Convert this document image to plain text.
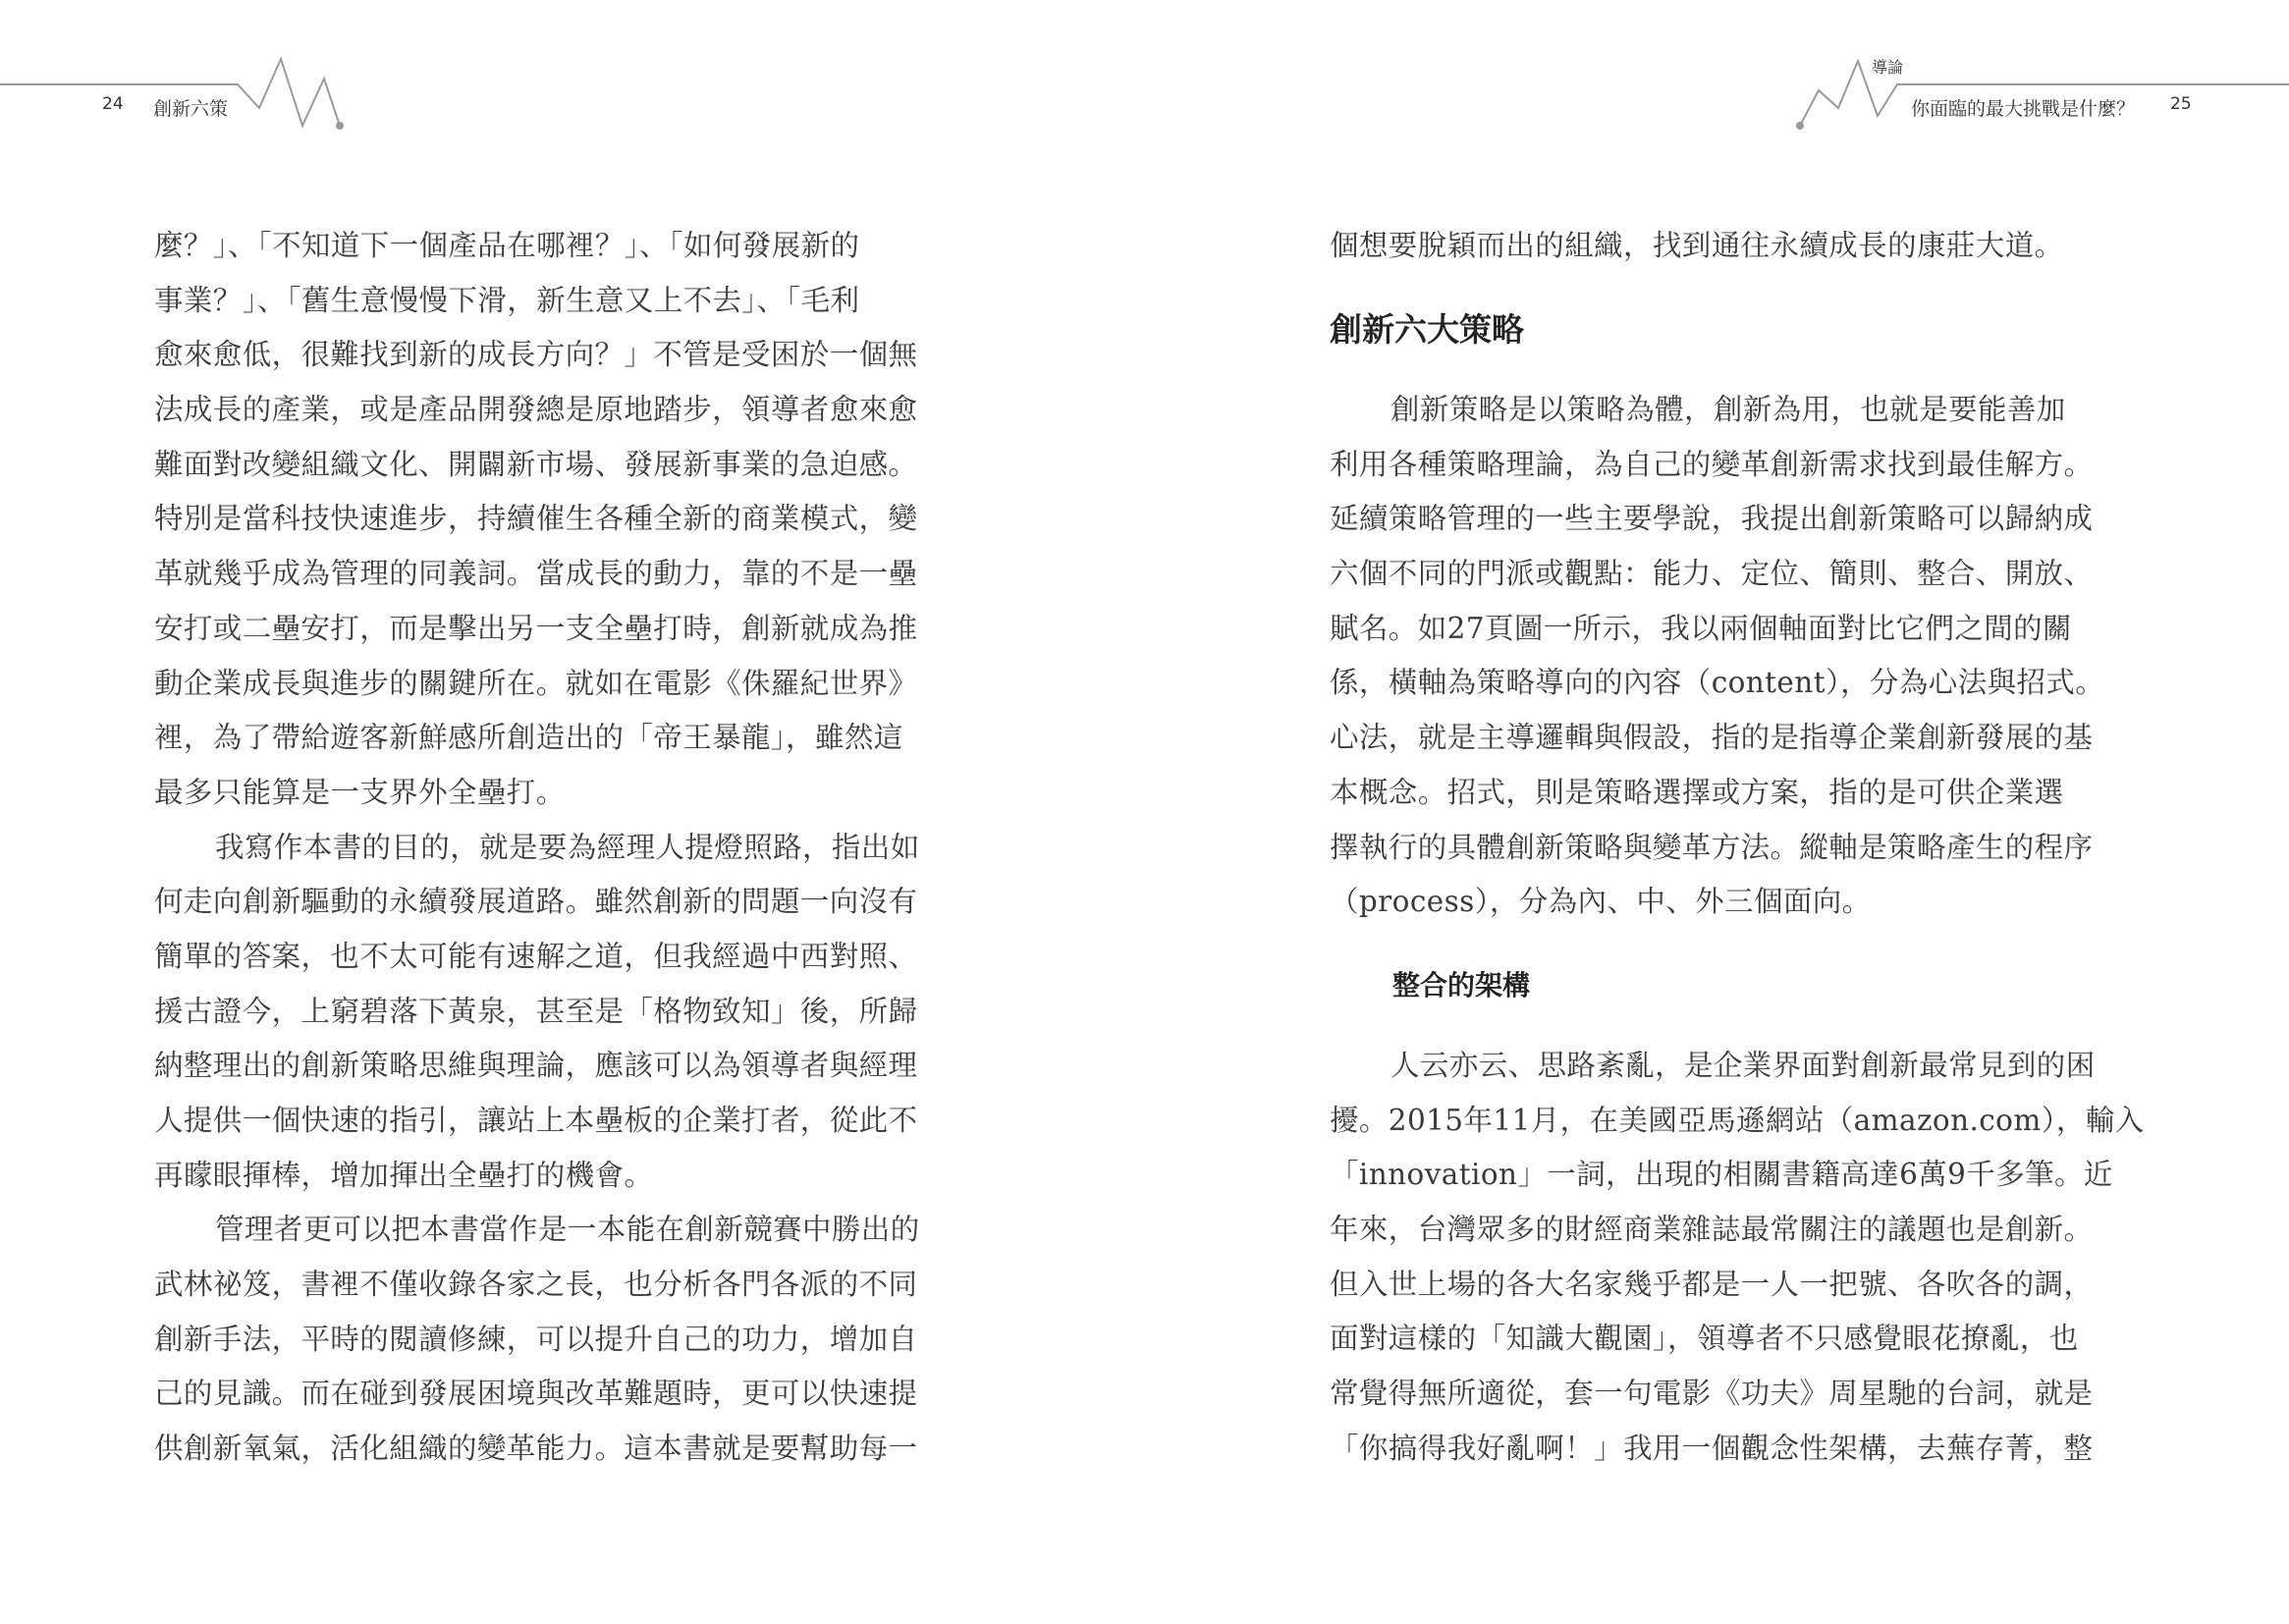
24 創新六策
導論
你面臨的最大挑戰是什麼？ 25
麼？」、「不知道下一個產品在哪裡？」、「如何發展新的
事業？」、「舊生意慢慢下滑，新生意又上不去」、「毛利
愈來愈低，很難找到新的成長方向？」不管是受困於一個無
法成長的產業，或是產品開發總是原地踏步，領導者愈來愈
難面對改變組織文化、開闢新市場、發展新事業的急迫感。
特別是當科技快速進步，持續催生各種全新的商業模式，變
革就幾乎成為管理的同義詞。當成長的動力，靠的不是一壘
安打或二壘安打，而是擊出另一支全壘打時，創新就成為推
動企業成長與進步的關鍵所在。就如在電影《侏羅紀世界》
裡，為了帶給遊客新鮮感所創造出的「帝王暴龍」，雖然這
最多只能算是一支界外全壘打。
我寫作本書的目的，就是要為經理人提燈照路，指出如
何走向創新驅動的永續發展道路。雖然創新的問題一向沒有
簡單的答案，也不太可能有速解之道，但我經過中西對照、
援古證今，上窮碧落下黃泉，甚至是「格物致知」後，所歸
納整理出的創新策略思維與理論，應該可以為領導者與經理
人提供一個快速的指引，讓站上本壘板的企業打者，從此不
再矇眼揮棒，增加揮出全壘打的機會。
管理者更可以把本書當作是一本能在創新競賽中勝出的
武林祕笈，書裡不僅收錄各家之長，也分析各門各派的不同
創新手法，平時的閱讀修練，可以提升自己的功力，增加自
己的見識。而在碰到發展困境與改革難題時，更可以快速提
供創新氧氣，活化組織的變革能力。這本書就是要幫助每一
個想要脫穎而出的組織，找到通往永續成長的康莊大道。
創新六大策略
創新策略是以策略為體，創新為用，也就是要能善加
利用各種策略理論，為自己的變革創新需求找到最佳解方。
延續策略管理的一些主要學說，我提出創新策略可以歸納成
六個不同的門派或觀點：能力、定位、簡則、整合、開放、
賦名。如27頁圖一所示，我以兩個軸面對比它們之間的關
係，橫軸為策略導向的內容（content），分為心法與招式。
心法，就是主導邏輯與假設，指的是指導企業創新發展的基
本概念。招式，則是策略選擇或方案，指的是可供企業選
擇執行的具體創新策略與變革方法。縱軸是策略產生的程序
（process），分為內、中、外三個面向。
整合的架構
人云亦云、思路紊亂，是企業界面對創新最常見到的困
擾。2015年11月，在美國亞馬遜網站（amazon.com），輸入
「innovation」一詞，出現的相關書籍高達6萬9千多筆。近
年來，台灣眾多的財經商業雜誌最常關注的議題也是創新。
但入世上場的各大名家幾乎都是一人一把號、各吹各的調，
面對這樣的「知識大觀園」，領導者不只感覺眼花撩亂，也
常覺得無所適從，套一句電影《功夫》周星馳的台詞，就是
「你搞得我好亂啊！」我用一個觀念性架構，去蕪存菁，整
